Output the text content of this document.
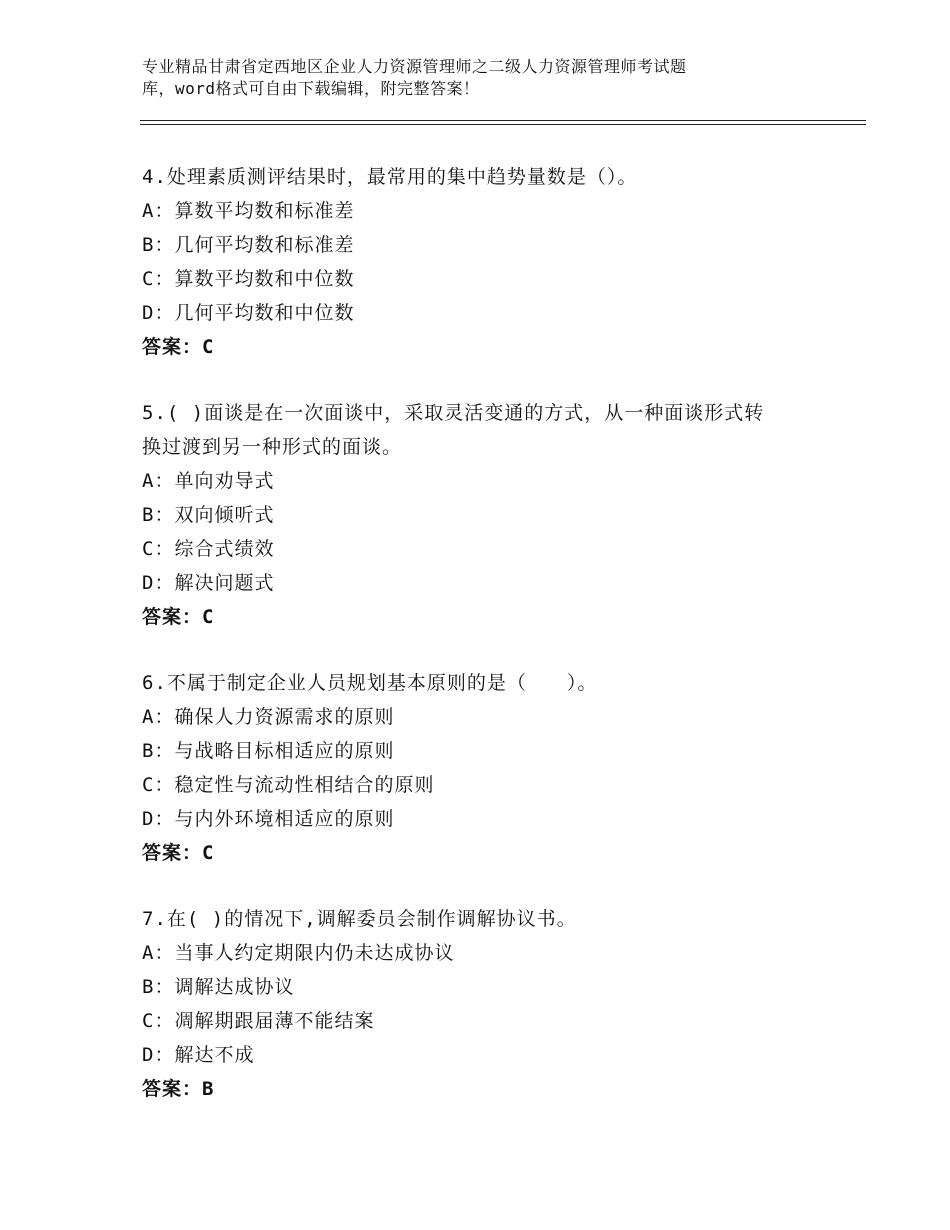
专业精品甘肃省定西地区企业人力资源管理师之二级人力资源管理师考试题
库，word格式可自由下载编辑，附完整答案！

4.处理素质测评结果时，最常用的集中趋势量数是（）。

A：算数平均数和标准差

B：几何平均数和标准差

C：算数平均数和中位数

D：几何平均数和中位数

答案：C

5.( )面谈是在一次面谈中，采取灵活变通的方式，从一种面谈形式转

换过渡到另一种形式的面谈。

A：单向劝导式

B：双向倾听式

C：综合式绩效

D：解决问题式

答案：C

6.不属于制定企业人员规划基本原则的是（　　）。

A：确保人力资源需求的原则

B：与战略目标相适应的原则

C：稳定性与流动性相结合的原则

D：与内外环境相适应的原则

答案：C

7.在( )的情况下,调解委员会制作调解协议书。

A：当事人约定期限内仍未达成协议

B：调解达成协议

C：凋解期跟届薄不能结案

D：解达不成

答案：B
